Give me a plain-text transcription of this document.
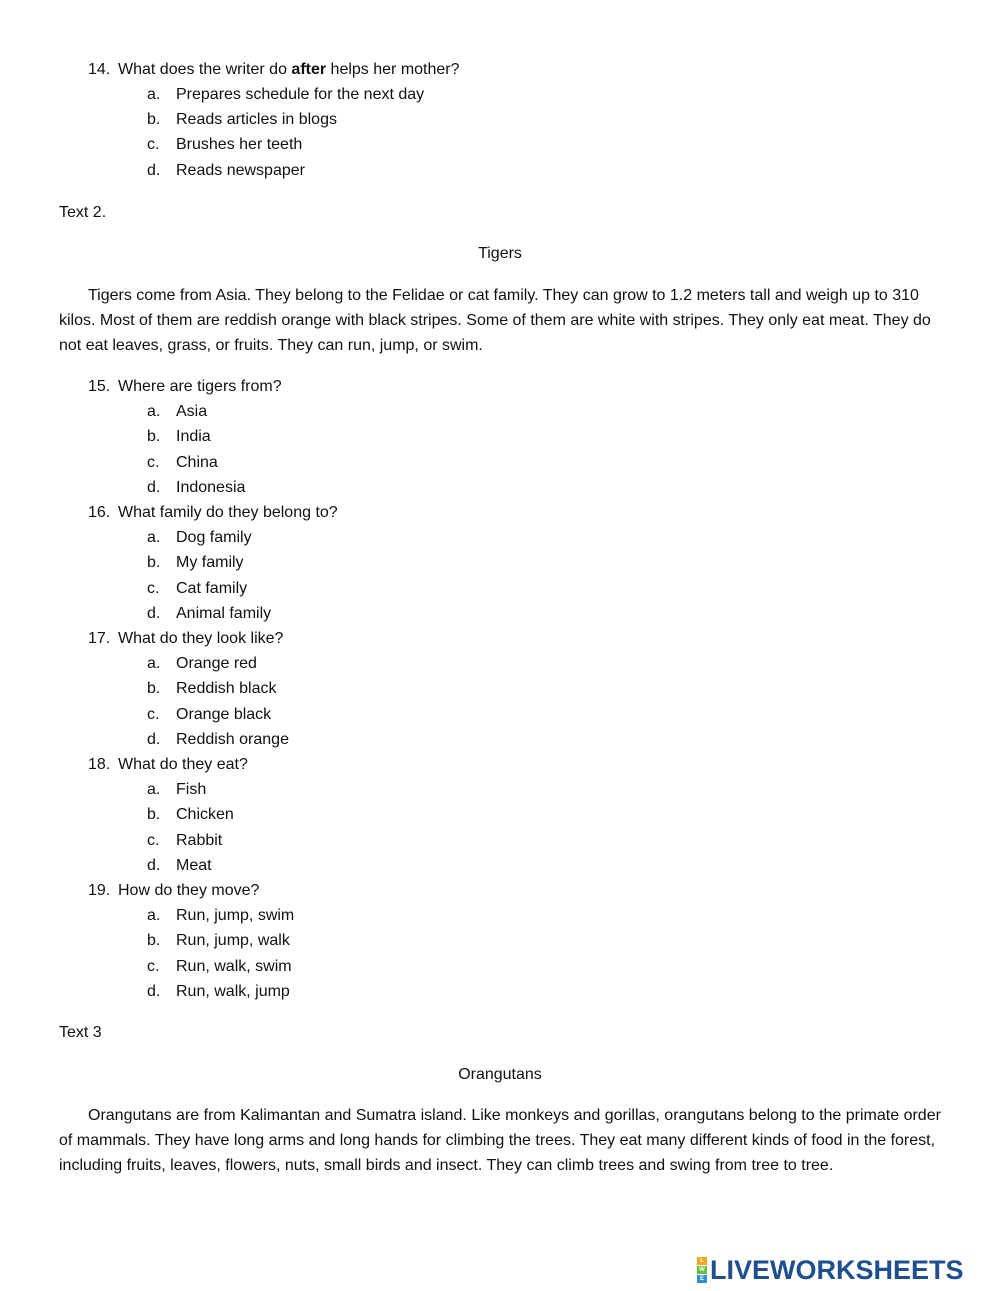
14. What does the writer do after helps her mother?
a. Prepares schedule for the next day
b. Reads articles in blogs
c. Brushes her teeth
d. Reads newspaper
Text 2.
Tigers
Tigers come from Asia. They belong to the Felidae or cat family. They can grow to 1.2 meters tall and weigh up to 310 kilos. Most of them are reddish orange with black stripes. Some of them are white with stripes. They only eat meat. They do not eat leaves, grass, or fruits. They can run, jump, or swim.
15. Where are tigers from?
a. Asia
b. India
c. China
d. Indonesia
16. What family do they belong to?
a. Dog family
b. My family
c. Cat family
d. Animal family
17. What do they look like?
a. Orange red
b. Reddish black
c. Orange black
d. Reddish orange
18. What do they eat?
a. Fish
b. Chicken
c. Rabbit
d. Meat
19. How do they move?
a. Run, jump, swim
b. Run, jump, walk
c. Run, walk, swim
d. Run, walk, jump
Text 3
Orangutans
Orangutans are from Kalimantan and Sumatra island. Like monkeys and gorillas, orangutans belong to the primate order of mammals. They have long arms and long hands for climbing the trees. They eat many different kinds of food in the forest, including fruits, leaves, flowers, nuts, small birds and insect. They can climb trees and swing from tree to tree.
L
W
E LIVEWORKSHEETS
